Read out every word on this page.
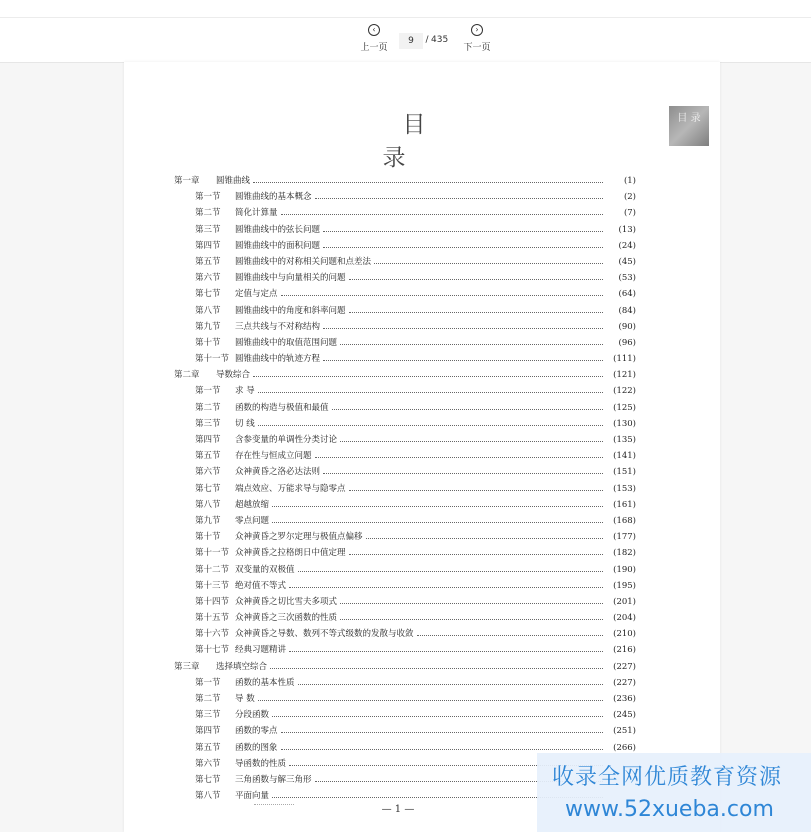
‹
上一页
9
/ 435
›
下一页
目录
目 录
第一章	圆锥曲线	(1)
第一节	圆锥曲线的基本概念	(2)
第二节	简化计算量	(7)
第三节	圆锥曲线中的弦长问题	(13)
第四节	圆锥曲线中的面积问题	(24)
第五节	圆锥曲线中的对称相关问题和点差法	(45)
第六节	圆锥曲线中与向量相关的问题	(53)
第七节	定值与定点	(64)
第八节	圆锥曲线中的角度和斜率问题	(84)
第九节	三点共线与不对称结构	(90)
第十节	圆锥曲线中的取值范围问题	(96)
第十一节 圆锥曲线中的轨迹方程	(111)
第二章	导数综合	(121)
第一节	求 导	(122)
第二节	函数的构造与极值和最值	(125)
第三节	切 线	(130)
第四节	含参变量的单调性分类讨论	(135)
第五节	存在性与恒成立问题	(141)
第六节	众神黄昏之洛必达法则	(151)
第七节	端点效应、万能求导与隐零点	(153)
第八节	超越放缩	(161)
第九节	零点问题	(168)
第十节	众神黄昏之罗尔定理与极值点偏移	(177)
第十一节 众神黄昏之拉格朗日中值定理	(182)
第十二节 双变量的双极值	(190)
第十三节 绝对值不等式	(195)
第十四节 众神黄昏之切比雪夫多项式	(201)
第十五节 众神黄昏之三次函数的性质	(204)
第十六节 众神黄昏之导数、数列不等式级数的发散与收敛	(210)
第十七节 经典习题精讲	(216)
第三章	选择填空综合	(227)
第一节	函数的基本性质	(227)
第二节	导 数	(236)
第三节	分段函数	(245)
第四节	函数的零点	(251)
第五节	函数的图象	(266)
第六节	导函数的性质
第七节	三角函数与解三角形
第八节	平面向量
— 1 —
收录全网优质教育资源
www.52xueba.com
